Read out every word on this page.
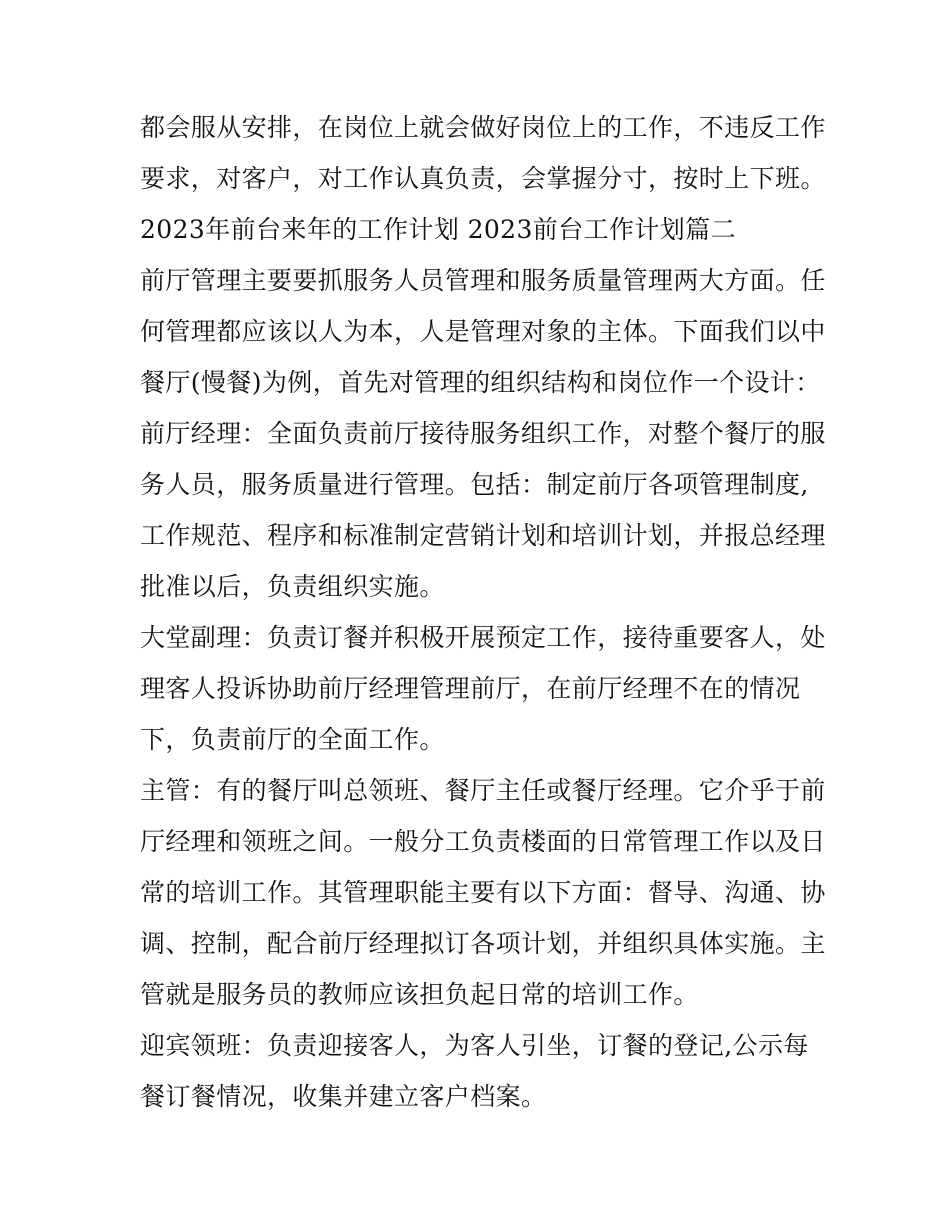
都会服从安排，在岗位上就会做好岗位上的工作，不违反工作
要求，对客户，对工作认真负责，会掌握分寸，按时上下班。
2023年前台来年的工作计划 2023前台工作计划篇二
前厅管理主要要抓服务人员管理和服务质量管理两大方面。任
何管理都应该以人为本，人是管理对象的主体。下面我们以中
餐厅(慢餐)为例，首先对管理的组织结构和岗位作一个设计：
前厅经理：全面负责前厅接待服务组织工作，对整个餐厅的服
务人员，服务质量进行管理。包括：制定前厅各项管理制度,
工作规范、程序和标准制定营销计划和培训计划，并报总经理
批准以后，负责组织实施。
大堂副理：负责订餐并积极开展预定工作，接待重要客人，处
理客人投诉协助前厅经理管理前厅，在前厅经理不在的情况
下，负责前厅的全面工作。
主管：有的餐厅叫总领班、餐厅主任或餐厅经理。它介乎于前
厅经理和领班之间。一般分工负责楼面的日常管理工作以及日
常的培训工作。其管理职能主要有以下方面：督导、沟通、协
调、控制，配合前厅经理拟订各项计划，并组织具体实施。主
管就是服务员的教师应该担负起日常的培训工作。
迎宾领班：负责迎接客人，为客人引坐，订餐的登记,公示每
餐订餐情况，收集并建立客户档案。
